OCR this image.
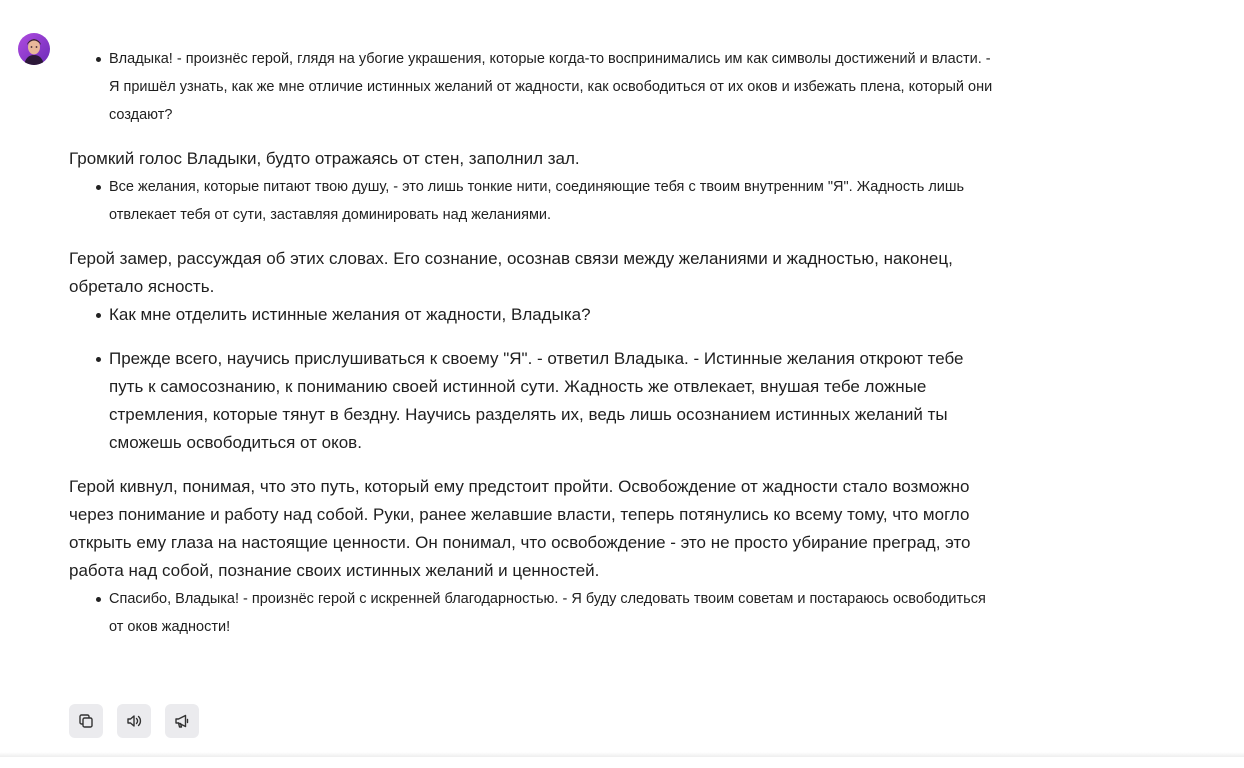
Владыка! - произнёс герой, глядя на убогие украшения, которые когда-то воспринимались им как символы достижений и власти. - Я пришёл узнать, как же мне отличие истинных желаний от жадности, как освободиться от их оков и избежать плена, который они создают?

Громкий голос Владыки, будто отражаясь от стен, заполнил зал.

Все желания, которые питают твою душу, - это лишь тонкие нити, соединяющие тебя с твоим внутренним "Я". Жадность лишь отвлекает тебя от сути, заставляя доминировать над желаниями.

Герой замер, рассуждая об этих словах. Его сознание, осознав связи между желаниями и жадностью, наконец, обретало ясность.

Как мне отделить истинные желания от жадности, Владыка?
Прежде всего, научись прислушиваться к своему "Я". - ответил Владыка. - Истинные желания откроют тебе путь к самосознанию, к пониманию своей истинной сути. Жадность же отвлекает, внушая тебе ложные стремления, которые тянут в бездну. Научись разделять их, ведь лишь осознанием истинных желаний ты сможешь освободиться от оков.

Герой кивнул, понимая, что это путь, который ему предстоит пройти. Освобождение от жадности стало возможно через понимание и работу над собой. Руки, ранее желавшие власти, теперь потянулись ко всему тому, что могло открыть ему глаза на настоящие ценности. Он понимал, что освобождение - это не просто убирание преград, это работа над собой, познание своих истинных желаний и ценностей.

Спасибо, Владыка! - произнёс герой с искренней благодарностью. - Я буду следовать твоим советам и постараюсь освободиться от оков жадности!
